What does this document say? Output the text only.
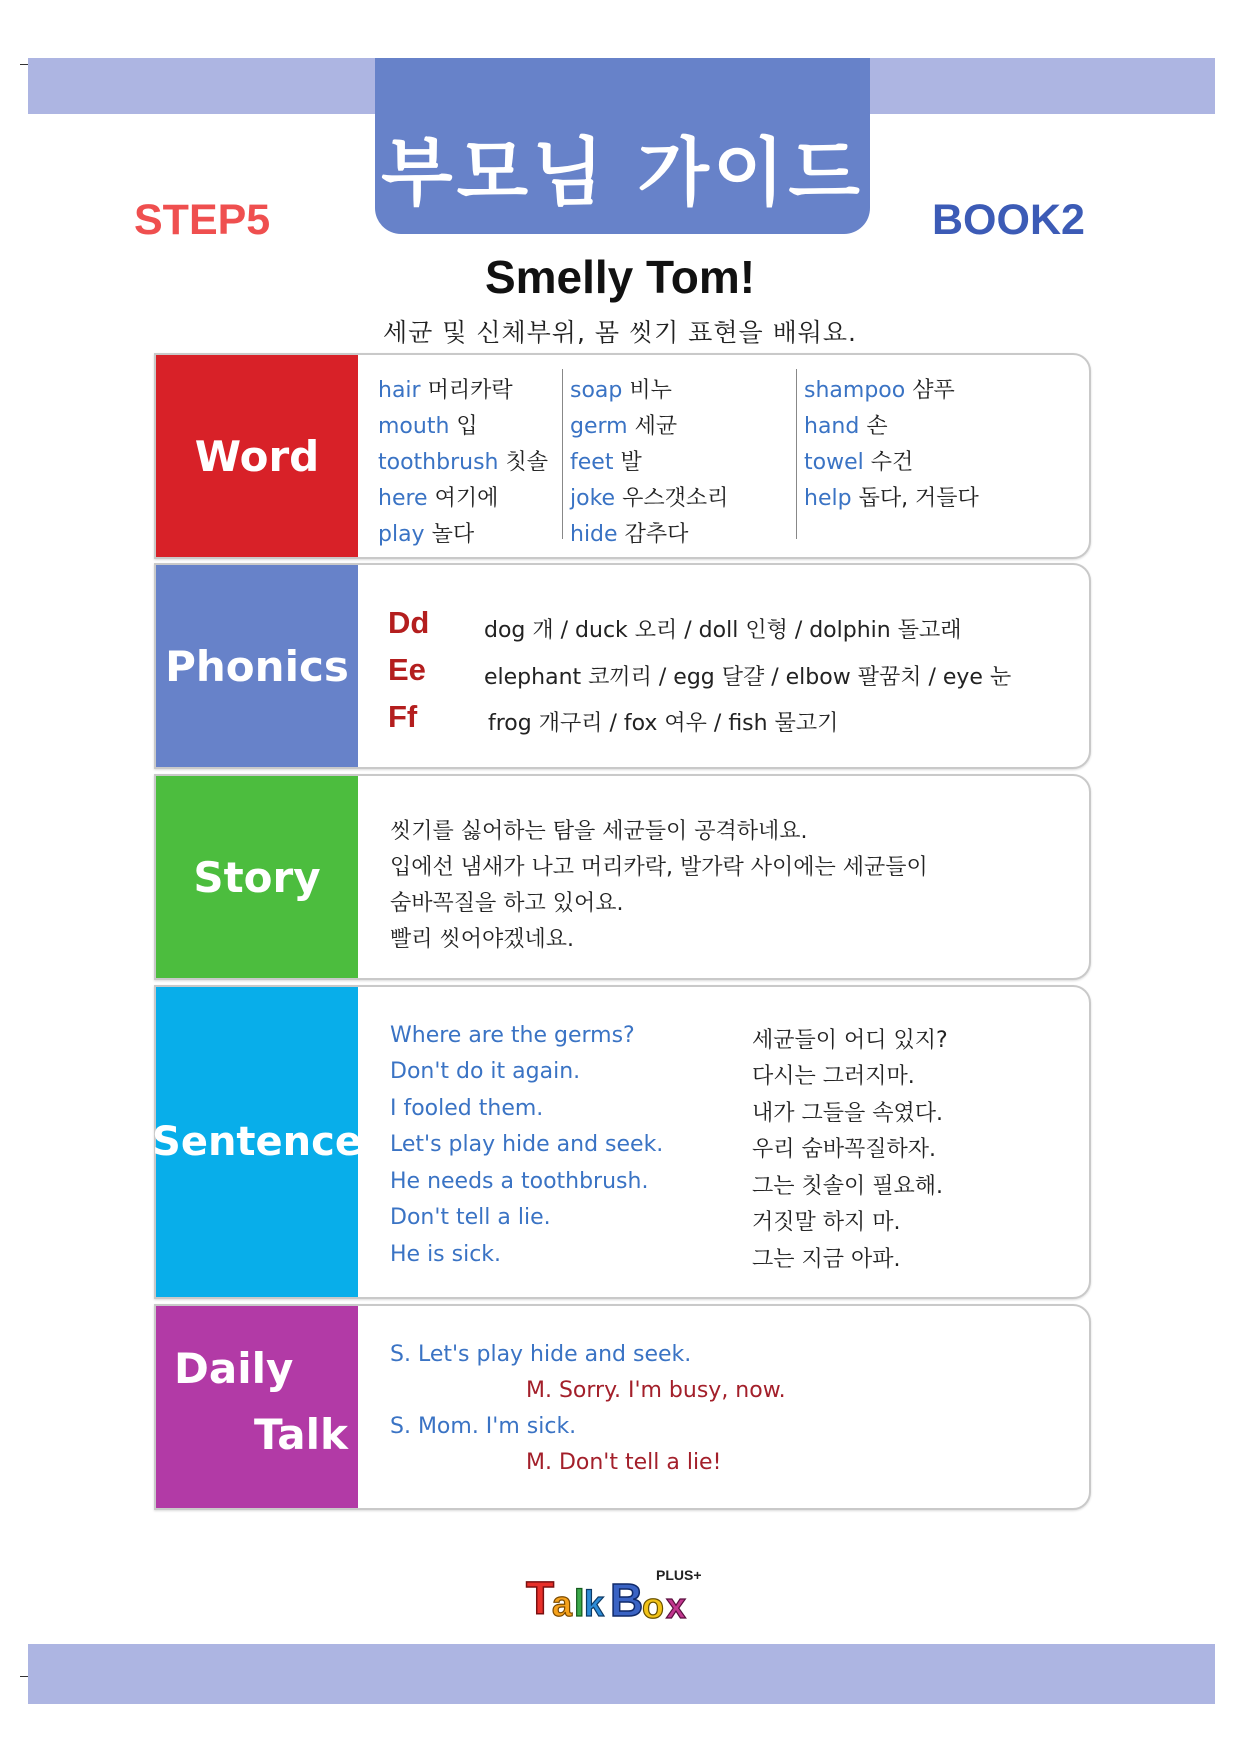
부모님 가이드
STEP5	BOOK2
Smelly Tom!
세균 및 신체부위, 몸 씻기 표현을 배워요.
Word
hair 머리카락
mouth 입
toothbrush 칫솔
here 여기에
play 놀다
soap 비누
germ 세균
feet 발
joke 우스갯소리
hide 감추다
shampoo 샴푸
hand 손
towel 수건
help 돕다, 거들다
Phonics
Dd dog 개 / duck 오리 / doll 인형 / dolphin 돌고래
Ee	elephant 코끼리 / egg 달걀 / elbow 팔꿈치 / eye 눈
Ff	frog 개구리 / fox 여우 / fish 물고기
Story
씻기를 싫어하는 탐을 세균들이 공격하네요.
입에선 냄새가 나고 머리카락, 발가락 사이에는 세균들이
숨바꼭질을 하고 있어요.
빨리 씻어야겠네요.
Sentence
Where are the germs?	세균들이 어디 있지?
Don't do it again.	다시는 그러지마.
I fooled them.	내가 그들을 속였다.
Let's play hide and seek.	우리 숨바꼭질하자.
He needs a toothbrush.	그는 칫솔이 필요해.
Don't tell a lie.	거짓말 하지 마.
He is sick.	그는 지금 아파.
Daily
Talk
S. Let's play hide and seek.
M. Sorry. I'm busy, now.
S. Mom. I'm sick.
M. Don't tell a lie!
T
a l k B
o x
PLUS+
